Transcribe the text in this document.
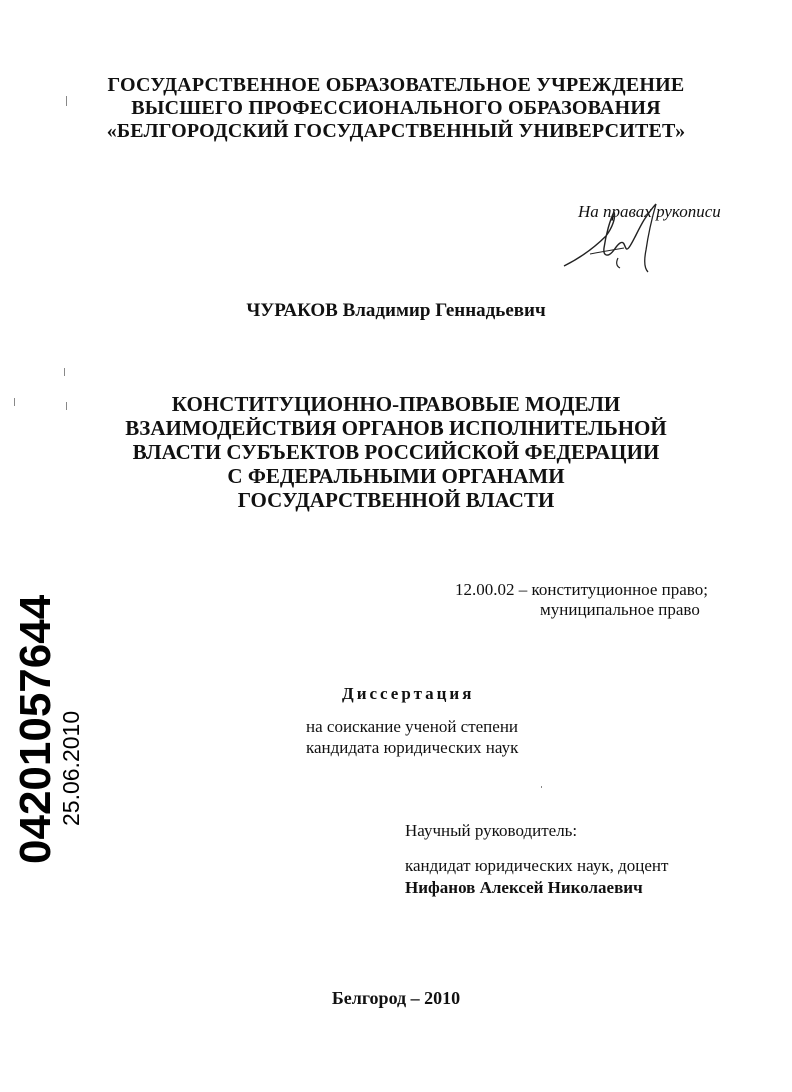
ГОСУДАРСТВЕННОЕ ОБРАЗОВАТЕЛЬНОЕ УЧРЕЖДЕНИЕ
ВЫСШЕГО ПРОФЕССИОНАЛЬНОГО ОБРАЗОВАНИЯ
«БЕЛГОРОДСКИЙ ГОСУДАРСТВЕННЫЙ УНИВЕРСИТЕТ»
На правах рукописи
ЧУРАКОВ Владимир Геннадьевич
КОНСТИТУЦИОННО-ПРАВОВЫЕ МОДЕЛИ
ВЗАИМОДЕЙСТВИЯ ОРГАНОВ ИСПОЛНИТЕЛЬНОЙ
ВЛАСТИ СУБЪЕКТОВ РОССИЙСКОЙ ФЕДЕРАЦИИ
С ФЕДЕРАЛЬНЫМИ ОРГАНАМИ
ГОСУДАРСТВЕННОЙ ВЛАСТИ
12.00.02 – конституционное право;
муниципальное право
Диссертация
на соискание ученой степени
кандидата юридических наук
Научный руководитель:
кандидат юридических наук, доцент
Нифанов Алексей Николаевич
Белгород – 2010
04201057644
25.06.2010
